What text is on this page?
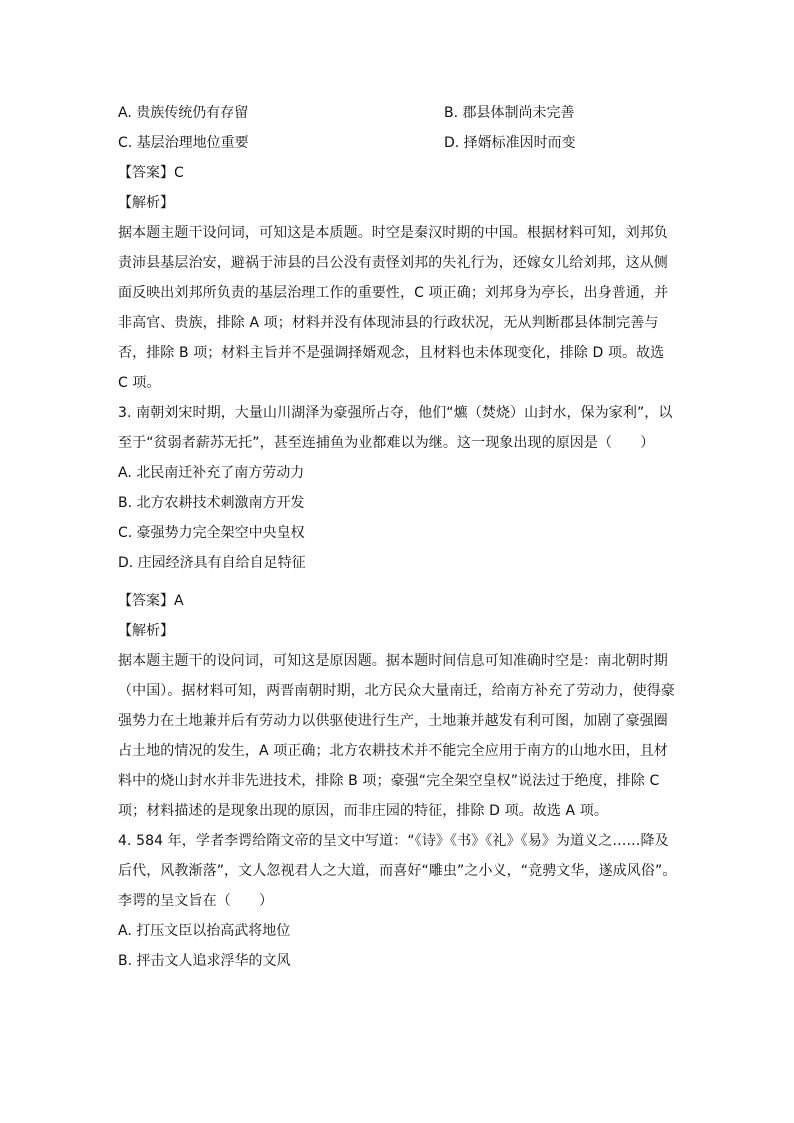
A. 贵族传统仍有存留	B. 郡县体制尚未完善
C. 基层治理地位重要	D. 择婿标准因时而变
【答案】C
【解析】
据本题主题干设问词，可知这是本质题。时空是秦汉时期的中国。根据材料可知，刘邦负
责沛县基层治安，避祸于沛县的吕公没有责怪刘邦的失礼行为，还嫁女儿给刘邦，这从侧
面反映出刘邦所负责的基层治理工作的重要性，C 项正确；刘邦身为亭长，出身普通，并
非高官、贵族，排除 A 项；材料并没有体现沛县的行政状况，无从判断郡县体制完善与
否，排除 B 项；材料主旨并不是强调择婿观念，且材料也未体现变化，排除 D 项。故选
C 项。
3. 南朝刘宋时期，大量山川湖泽为豪强所占夺，他们“爊（焚烧）山封水，保为家利”，以
至于“贫弱者薪苏无托”，甚至连捕鱼为业都难以为继。这一现象出现的原因是（　　）
A. 北民南迁补充了南方劳动力
B. 北方农耕技术刺激南方开发
C. 豪强势力完全架空中央皇权
D. 庄园经济具有自给自足特征
【答案】A
【解析】
据本题主题干的设问词，可知这是原因题。据本题时间信息可知准确时空是：南北朝时期
（中国）。据材料可知，两晋南朝时期，北方民众大量南迁，给南方补充了劳动力，使得豪
强势力在土地兼并后有劳动力以供驱使进行生产，土地兼并越发有利可图，加剧了豪强圈
占土地的情况的发生，A 项正确；北方农耕技术并不能完全应用于南方的山地水田，且材
料中的烧山封水并非先进技术，排除 B 项；豪强“完全架空皇权”说法过于绝度，排除 C
项；材料描述的是现象出现的原因，而非庄园的特征，排除 D 项。故选 A 项。
4. 584 年，学者李谔给隋文帝的呈文中写道：“《诗》《书》《礼》《易》为道义之……降及
后代，风教渐落”，文人忽视君人之大道，而喜好“雕虫”之小义，“竞骋文华，遂成风俗”。
李谔的呈文旨在（　　）
A. 打压文臣以抬高武将地位
B. 抨击文人追求浮华的文风
